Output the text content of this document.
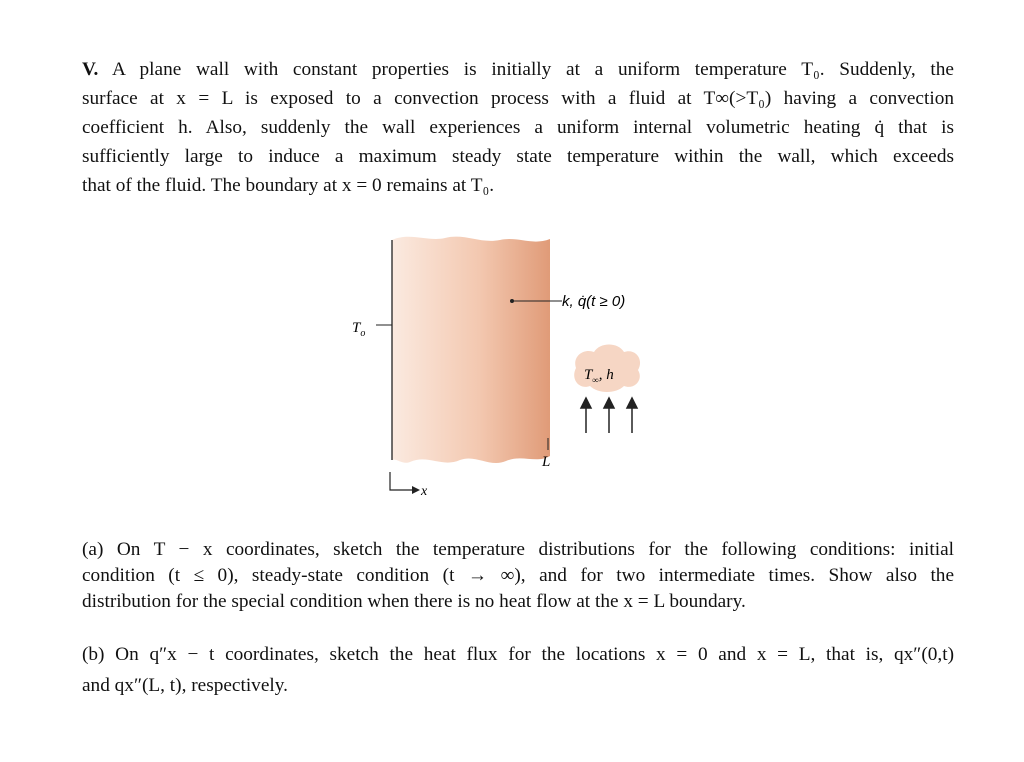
V. A plane wall with constant properties is initially at a uniform temperature T₀. Suddenly, the
surface at x = L is exposed to a convection process with a fluid at T∞(>T₀) having a convection
coefficient h. Also, suddenly the wall experiences a uniform internal volumetric heating q̇ that is
sufficiently large to induce a maximum steady state temperature within the wall, which exceeds
that of the fluid. The boundary at x = 0 remains at T₀.

$T_o$
k, q̇(t ≥ 0)
$T_\infty$, h
L
x

(a) On T − x coordinates, sketch the temperature distributions for the following conditions: initial
condition (t ≤ 0), steady-state condition (t → ∞), and for two intermediate times. Show also the
distribution for the special condition when there is no heat flow at the x = L boundary.

(b) On q″x − t coordinates, sketch the heat flux for the locations x = 0 and x = L, that is, qx″(0,t)
and qx″(L, t), respectively.
